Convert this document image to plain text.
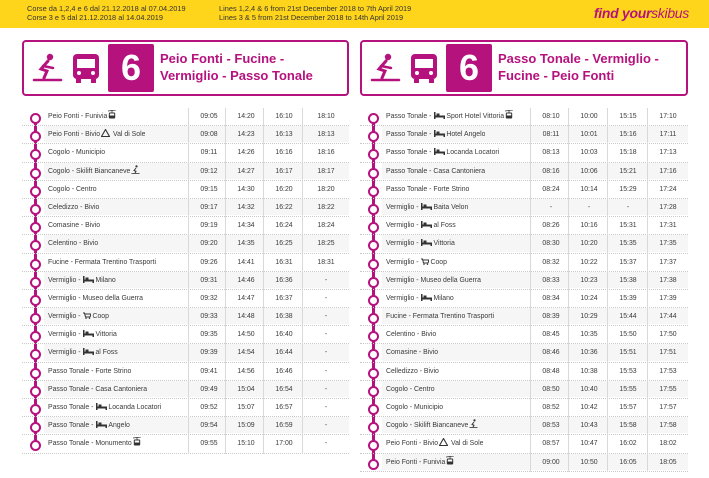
Corse da 1,2,4 e 6 dal 21.12.2018 al 07.04.2019
Corse 3 e 5 dal 21.12.2018 al 14.04.2019
Lines 1,2,4 & 6 from 21st December 2018 to 7th April 2019
Lines 3 & 5 from 21st December 2018 to 14th April 2019	find yourskibus
6	Peio Fonti - Fucine -
Vermiglio - Passo Tonale
Peio Fonti - Funivia	09:05	14:20	16:10	18:10
Peio Fonti - Bivio Val di Sole	09:08	14:23	16:13	18:13
Cogolo - Municipio	09:11	14:26	16:16	18:16
Cogolo - Skilift Biancaneve	09:12	14:27	16:17	18:17
Cogolo - Centro	09:15	14:30	16:20	18:20
Celedizzo - Bivio	09:17	14:32	16:22	18:22
Comasine - Bivio	09:19	14:34	16:24	18:24
Celentino - Bivio	09:20	14:35	16:25	18:25
Fucine - Fermata Trentino Trasporti	09:26	14:41	16:31	18:31
Vermiglio - Milano	09:31	14:46	16:36	-
Vermiglio - Museo della Guerra	09:32	14:47	16:37	-
Vermiglio - Coop	09:33	14:48	16:38	-
Vermiglio - Vittoria	09:35	14:50	16:40	-
Vermiglio - al Foss	09:39	14:54	16:44	-
Passo Tonale - Forte Strino	09:41	14:56	16:46	-
Passo Tonale - Casa Cantoniera	09:49	15:04	16:54	-
Passo Tonale - Locanda Locatori	09:52	15:07	16:57	-
Passo Tonale - Angelo	09:54	15:09	16:59	-
Passo Tonale - Monumento	09:55	15:10	17:00	-
6	Passo Tonale - Vermiglio -
Fucine - Peio Fonti
Passo Tonale - Sport Hotel Vittoria	08:10	10:00	15:15	17:10
Passo Tonale - Hotel Angelo	08:11	10:01	15:16	17:11
Passo Tonale - Locanda Locatori	08:13	10:03	15:18	17:13
Passo Tonale - Casa Cantoniera	08:16	10:06	15:21	17:16
Passo Tonale - Forte Strino	08:24	10:14	15:29	17:24
Vermiglio - Baita Velon	-	-	-	17:28
Vermiglio - al Foss	08:26	10:16	15:31	17:31
Vermiglio - Vittoria	08:30	10:20	15:35	17:35
Vermiglio - Coop	08:32	10:22	15:37	17:37
Vermiglio - Museo della Guerra	08:33	10:23	15:38	17:38
Vermiglio - Milano	08:34	10:24	15:39	17:39
Fucine - Fermata Trentino Trasporti	08:39	10:29	15:44	17:44
Celentino - Bivio	08:45	10:35	15:50	17:50
Comasine - Bivio	08:46	10:36	15:51	17:51
Celledizzo - Bivio	08:48	10:38	15:53	17:53
Cogolo - Centro	08:50	10:40	15:55	17:55
Cogolo - Municipio	08:52	10:42	15:57	17:57
Cogolo - Skilift Biancaneve	08:53	10:43	15:58	17:58
Peio Fonti - Bivio Val di Sole	08:57	10:47	16:02	18:02
Peio Fonti - Funivia	09:00	10:50	16:05	18:05
